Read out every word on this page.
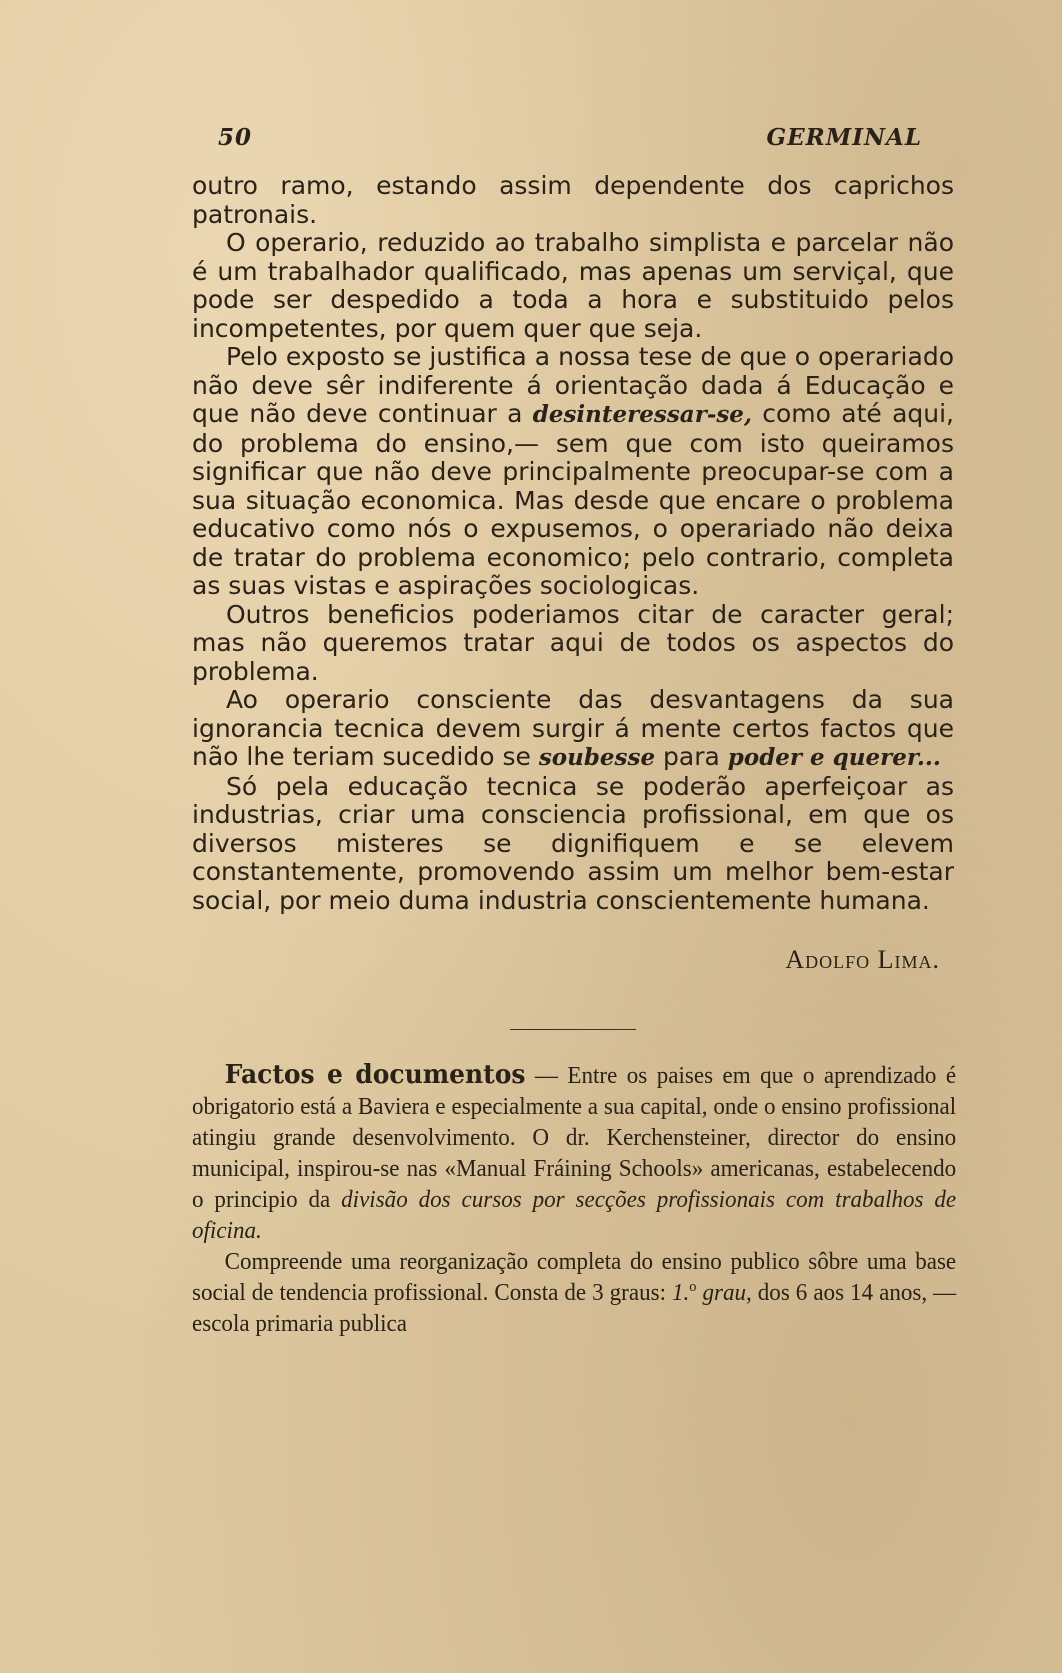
50	GERMINAL

outro ramo, estando assim dependente dos caprichos patronais.

O operario, reduzido ao trabalho simplista e parcelar não é um trabalhador qualificado, mas apenas um serviçal, que pode ser despedido a toda a hora e substituido pelos incompetentes, por quem quer que seja.

Pelo exposto se justifica a nossa tese de que o operariado não deve sêr indiferente á orientação dada á Educação e que não deve continuar a desinteressar-se, como até aqui, do problema do ensino,— sem que com isto queiramos significar que não deve principalmente preocupar-se com a sua situação economica. Mas desde que encare o problema educativo como nós o expusemos, o operariado não deixa de tratar do problema economico; pelo contrario, completa as suas vistas e aspirações sociologicas.

Outros beneficios poderiamos citar de caracter geral; mas não queremos tratar aqui de todos os aspectos do problema.

Ao operario consciente das desvantagens da sua ignorancia tecnica devem surgir á mente certos factos que não lhe teriam sucedido se soubesse para poder e querer...

Só pela educação tecnica se poderão aperfeiçoar as industrias, criar uma consciencia profissional, em que os diversos misteres se dignifiquem e se elevem constantemente, promovendo assim um melhor bem-estar social, por meio duma industria conscientemente humana.

Adolfo Lima.

Factos e documentos — Entre os paises em que o aprendizado é obrigatorio está a Baviera e especialmente a sua capital, onde o ensino profissional atingiu grande desenvolvimento. O dr. Kerchensteiner, director do ensino municipal, inspirou-se nas «Manual Fráining Schools» americanas, estabelecendo o principio da divisão dos cursos por secções profissionais com trabalhos de oficina.

Compreende uma reorganização completa do ensino publico sôbre uma base social de tendencia profissional. Consta de 3 graus: 1.$^o$ grau, dos 6 aos 14 anos, — escola primaria publica
